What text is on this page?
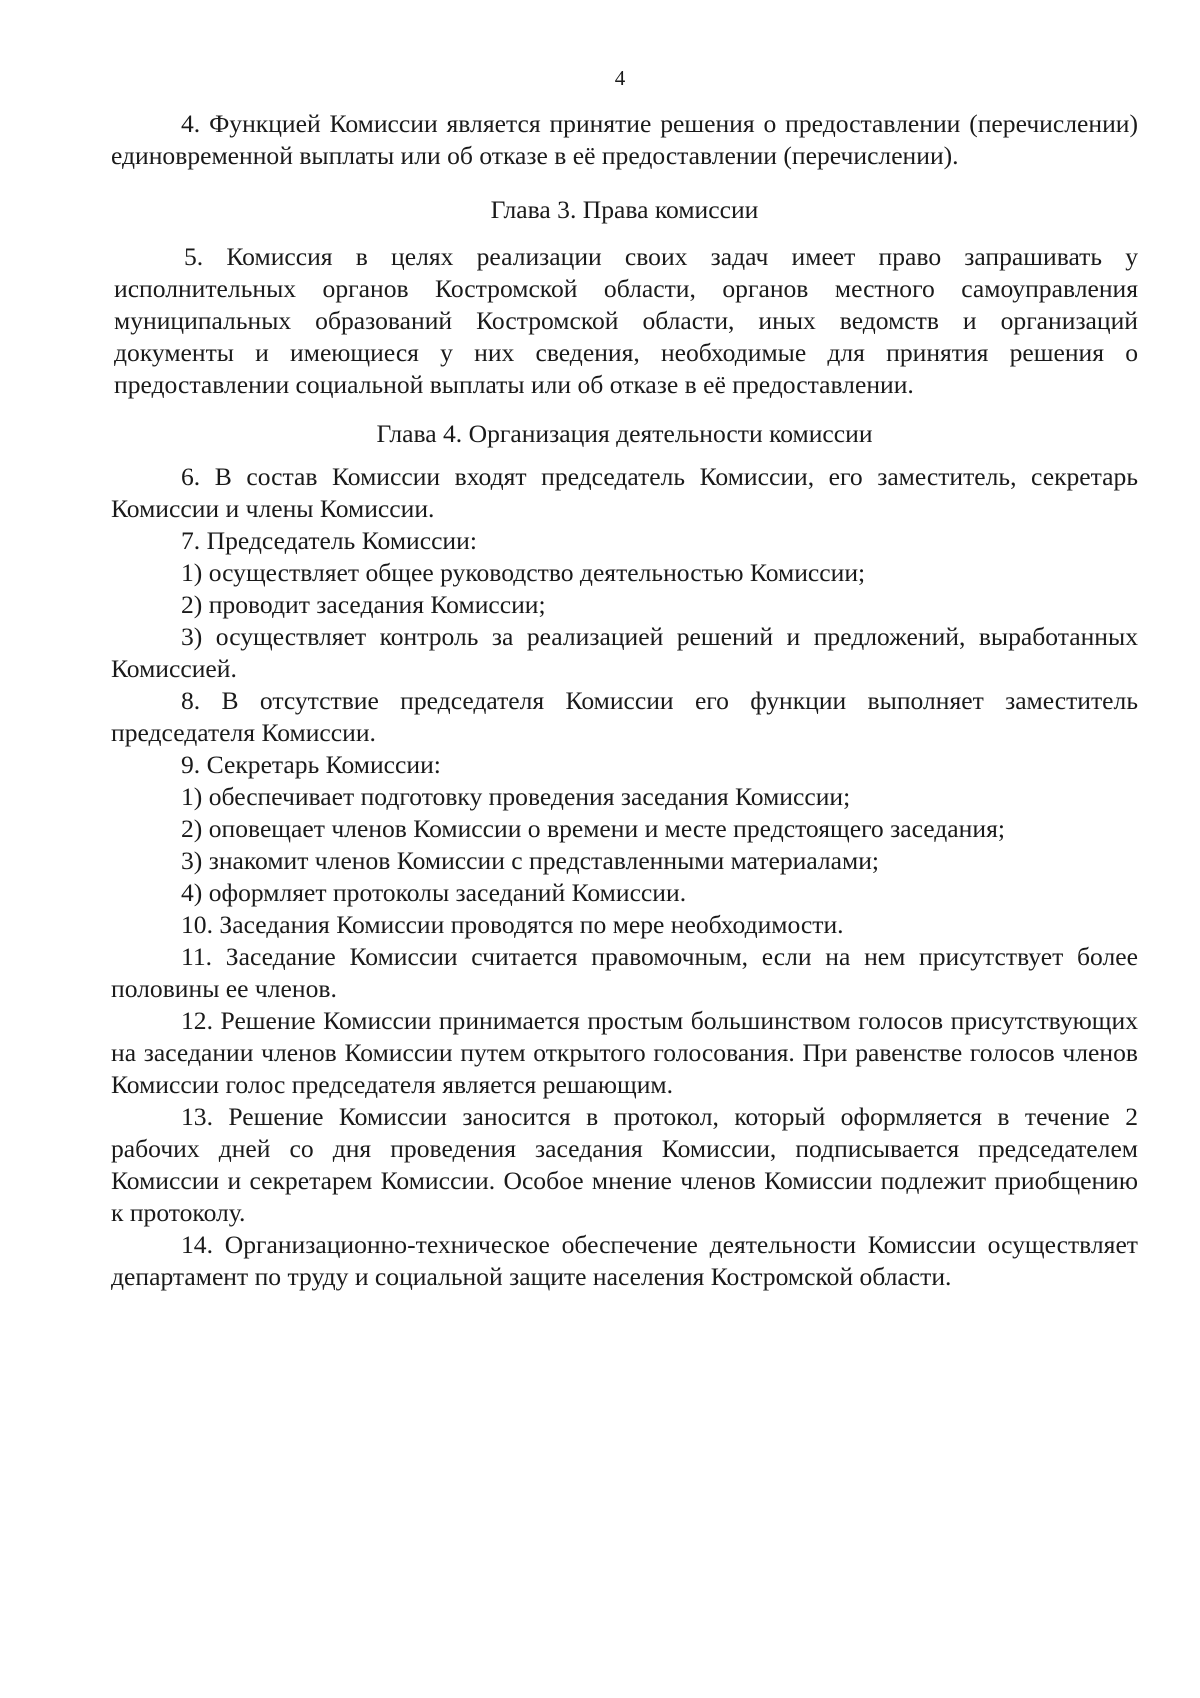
4

4. Функцией Комиссии является принятие решения о предоставлении (перечислении) единовременной выплаты или об отказе в её предоставлении (перечислении).

Глава 3. Права комиссии

5. Комиссия в целях реализации своих задач имеет право запрашивать у исполнительных органов Костромской области, органов местного самоуправления муниципальных образований Костромской области, иных ведомств и организаций документы и имеющиеся у них сведения, необходимые для принятия решения о предоставлении социальной выплаты или об отказе в её предоставлении.

Глава 4. Организация деятельности комиссии

6. В состав Комиссии входят председатель Комиссии, его заместитель, секретарь Комиссии и члены Комиссии.

7. Председатель Комиссии:

1) осуществляет общее руководство деятельностью Комиссии;

2) проводит заседания Комиссии;

3) осуществляет контроль за реализацией решений и предложений, выработанных Комиссией.

8. В отсутствие председателя Комиссии его функции выполняет заместитель председателя Комиссии.

9. Секретарь Комиссии:

1) обеспечивает подготовку проведения заседания Комиссии;

2) оповещает членов Комиссии о времени и месте предстоящего заседания;

3) знакомит членов Комиссии с представленными материалами;

4) оформляет протоколы заседаний Комиссии.

10. Заседания Комиссии проводятся по мере необходимости.

11. Заседание Комиссии считается правомочным, если на нем присутствует более половины ее членов.

12. Решение Комиссии принимается простым большинством голосов присутствующих на заседании членов Комиссии путем открытого голосования. При равенстве голосов членов Комиссии голос председателя является решающим.

13. Решение Комиссии заносится в протокол, который оформляется в течение 2 рабочих дней со дня проведения заседания Комиссии, подписывается председателем Комиссии и секретарем Комиссии. Особое мнение членов Комиссии подлежит приобщению к протоколу.

14. Организационно-техническое обеспечение деятельности Комиссии осуществляет департамент по труду и социальной защите населения Костромской области.
